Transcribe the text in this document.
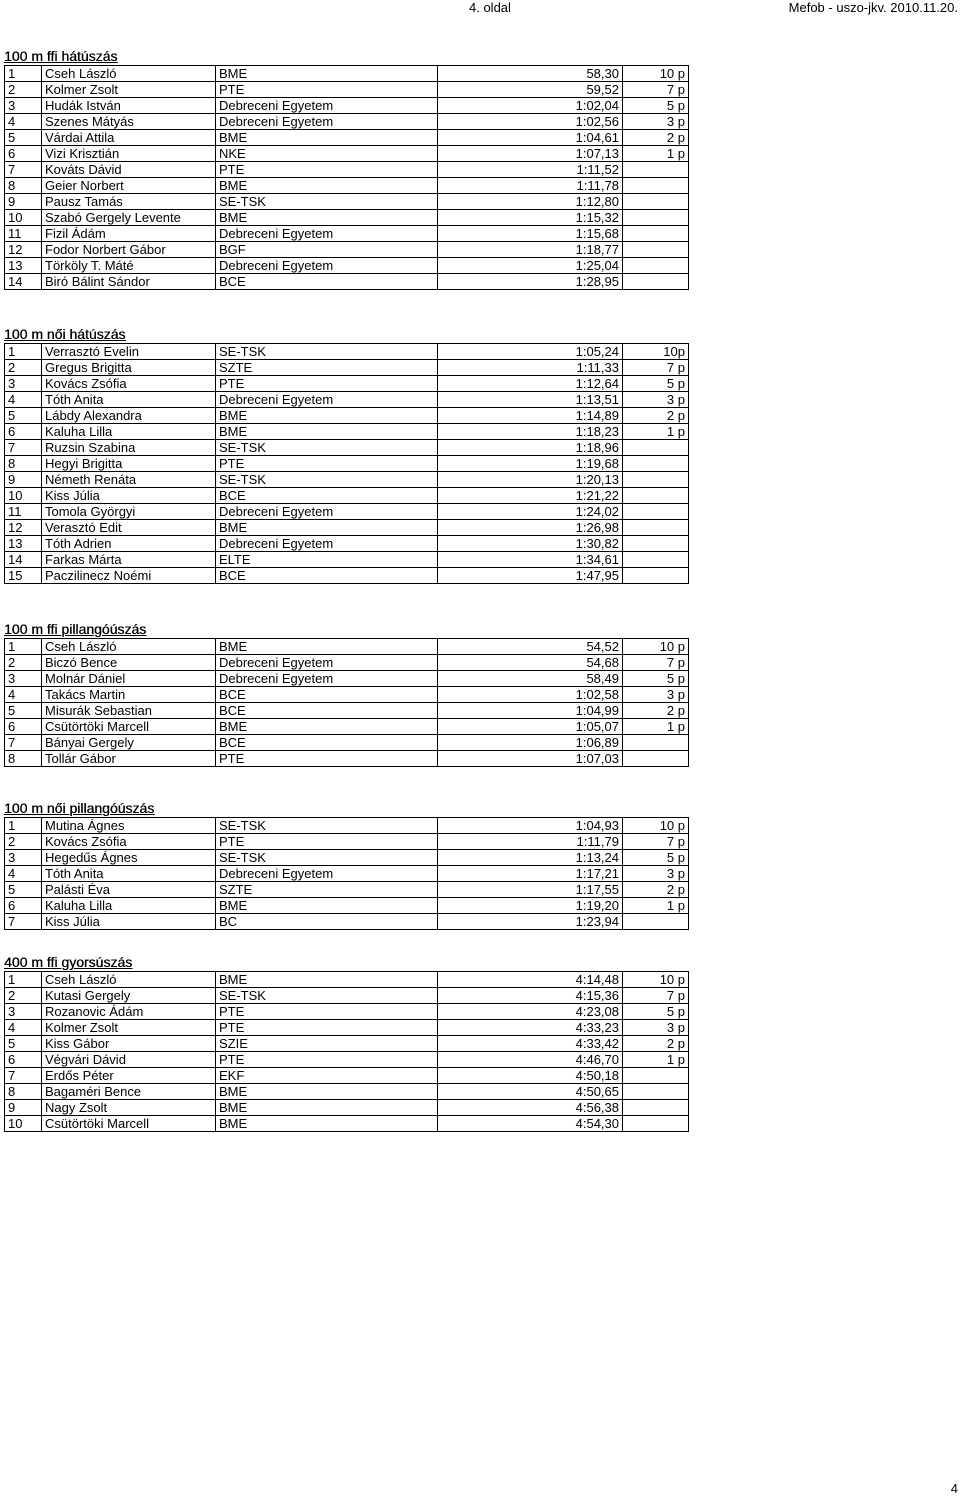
4. oldal	Mefob - uszo-jkv. 2010.11.20.
100 m ffi hátúszás
1	Cseh László	BME	58,30	10 p
2	Kolmer Zsolt	PTE	59,52	7 p
3	Hudák István	Debreceni Egyetem	1:02,04	5 p
4	Szenes Mátyás	Debreceni Egyetem	1:02,56	3 p
5	Várdai Attila	BME	1:04,61	2 p
6	Vizi Krisztián	NKE	1:07,13	1 p
7	Kováts Dávid	PTE	1:11,52	
8	Geier Norbert	BME	1:11,78	
9	Pausz Tamás	SE-TSK	1:12,80	
10	Szabó Gergely Levente	BME	1:15,32	
11	Fizil Ádám	Debreceni Egyetem	1:15,68	
12	Fodor Norbert Gábor	BGF	1:18,77	
13	Törköly T. Máté	Debreceni Egyetem	1:25,04	
14	Biró Bálint Sándor	BCE	1:28,95	
100 m női hátúszás
1	Verrasztó Evelin	SE-TSK	1:05,24	10p
2	Gregus Brigitta	SZTE	1:11,33	7 p
3	Kovács Zsófia	PTE	1:12,64	5 p
4	Tóth Anita	Debreceni Egyetem	1:13,51	3 p
5	Lábdy Alexandra	BME	1:14,89	2 p
6	Kaluha Lilla	BME	1:18,23	1 p
7	Ruzsin Szabina	SE-TSK	1:18,96	
8	Hegyi Brigitta	PTE	1:19,68	
9	Németh Renáta	SE-TSK	1:20,13	
10	Kiss Júlia	BCE	1:21,22	
11	Tomola Györgyi	Debreceni Egyetem	1:24,02	
12	Verasztó Edit	BME	1:26,98	
13	Tóth Adrien	Debreceni Egyetem	1:30,82	
14	Farkas Márta	ELTE	1:34,61	
15	Paczilinecz Noémi	BCE	1:47,95	
100 m ffi pillangóúszás
1	Cseh László	BME	54,52	10 p
2	Biczó Bence	Debreceni Egyetem	54,68	7 p
3	Molnár Dániel	Debreceni Egyetem	58,49	5 p
4	Takács Martin	BCE	1:02,58	3 p
5	Misurák Sebastian	BCE	1:04,99	2 p
6	Csütörtöki Marcell	BME	1:05,07	1 p
7	Bányai Gergely	BCE	1:06,89	
8	Tollár Gábor	PTE	1:07,03	
100 m női pillangóúszás
1	Mutina Ágnes	SE-TSK	1:04,93	10 p
2	Kovács Zsófia	PTE	1:11,79	7 p
3	Hegedűs Ágnes	SE-TSK	1:13,24	5 p
4	Tóth Anita	Debreceni Egyetem	1:17,21	3 p
5	Palásti Éva	SZTE	1:17,55	2 p
6	Kaluha Lilla	BME	1:19,20	1 p
7	Kiss Júlia	BC	1:23,94	
400 m ffi gyorsúszás
1	Cseh László	BME	4:14,48	10 p
2	Kutasi Gergely	SE-TSK	4:15,36	7 p
3	Rozanovic Ádám	PTE	4:23,08	5 p
4	Kolmer Zsolt	PTE	4:33,23	3 p
5	Kiss Gábor	SZIE	4:33,42	2 p
6	Végvári Dávid	PTE	4:46,70	1 p
7	Erdős Péter	EKF	4:50,18	
8	Bagaméri Bence	BME	4:50,65	
9	Nagy Zsolt	BME	4:56,38	
10	Csütörtöki Marcell	BME	4:54,30	
4
